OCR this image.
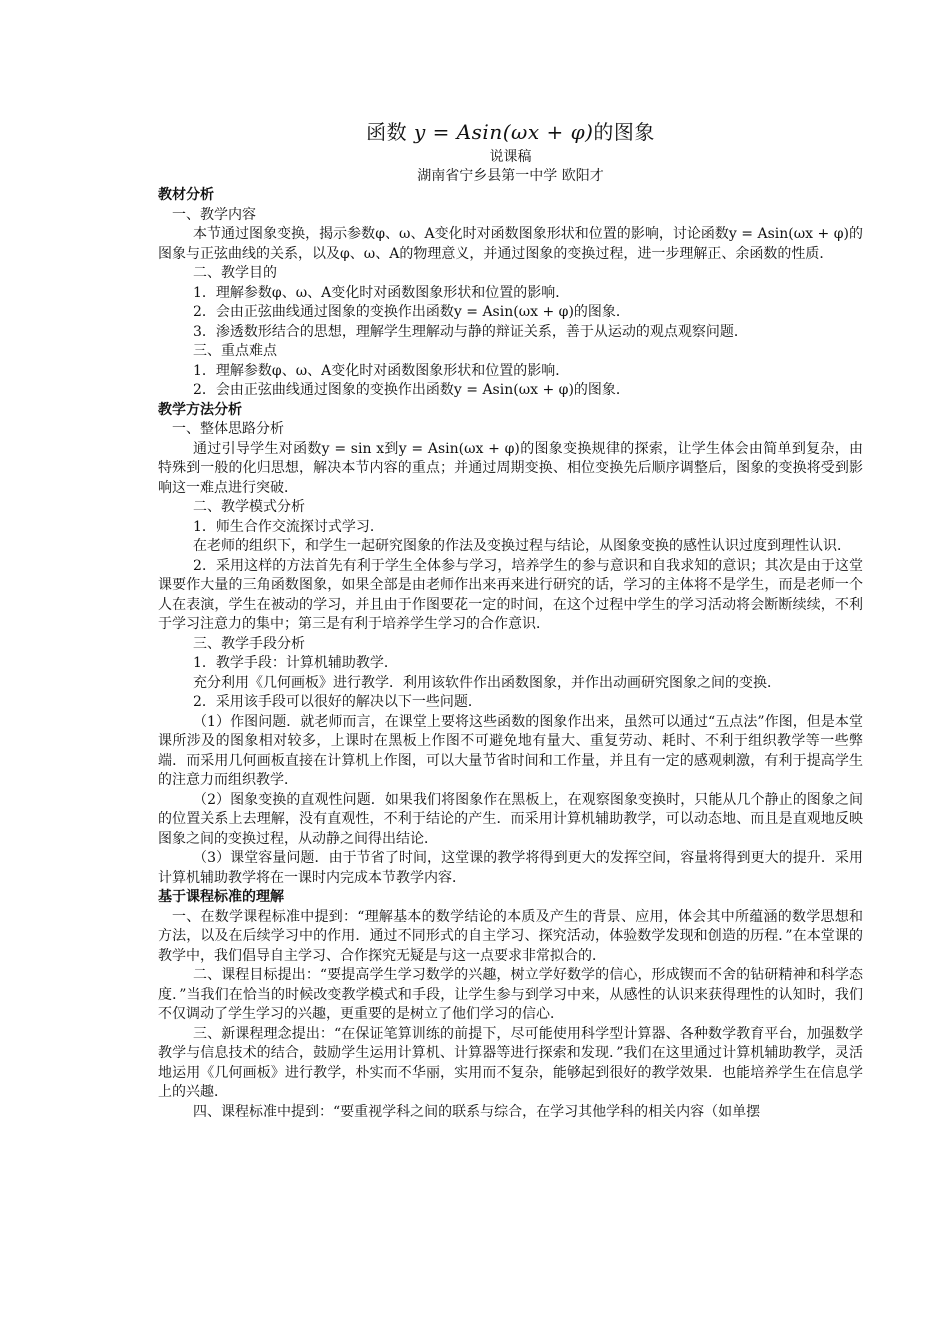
函数 y = Asin(ωx + φ)的图象
说课稿
湖南省宁乡县第一中学 欧阳才
教材分析
一、教学内容

本节通过图象变换，揭示参数φ、ω、A变化时对函数图象形状和位置的影响，讨论函数y = Asin(ωx + φ)的图象与正弦曲线的关系，以及φ、ω、A的物理意义，并通过图象的变换过程，进一步理解正、余函数的性质．

二、教学目的
1．理解参数φ、ω、A变化时对函数图象形状和位置的影响．
2．会由正弦曲线通过图象的变换作出函数y = Asin(ωx + φ)的图象．
3．渗透数形结合的思想，理解学生理解动与静的辩证关系，善于从运动的观点观察问题．
三、重点难点
1．理解参数φ、ω、A变化时对函数图象形状和位置的影响．
2．会由正弦曲线通过图象的变换作出函数y = Asin(ωx + φ)的图象．
教学方法分析
一、整体思路分析

通过引导学生对函数y = sin x到y = Asin(ωx + φ)的图象变换规律的探索，让学生体会由简单到复杂，由特殊到一般的化归思想，解决本节内容的重点；并通过周期变换、相位变换先后顺序调整后，图象的变换将受到影响这一难点进行突破．

二、教学模式分析
1．师生合作交流探讨式学习．

在老师的组织下，和学生一起研究图象的作法及变换过程与结论，从图象变换的感性认识过度到理性认识．

2．采用这样的方法首先有利于学生全体参与学习，培养学生的参与意识和自我求知的意识；其次是由于这堂课要作大量的三角函数图象，如果全部是由老师作出来再来进行研究的话，学习的主体将不是学生，而是老师一个人在表演，学生在被动的学习，并且由于作图要花一定的时间，在这个过程中学生的学习活动将会断断续续，不利于学习注意力的集中；第三是有利于培养学生学习的合作意识．

三、教学手段分析
1．教学手段：计算机辅助教学．

充分利用《几何画板》进行教学．利用该软件作出函数图象，并作出动画研究图象之间的变换．

2．采用该手段可以很好的解决以下一些问题．

（1）作图问题．就老师而言，在课堂上要将这些函数的图象作出来，虽然可以通过“五点法”作图，但是本堂课所涉及的图象相对较多，上课时在黑板上作图不可避免地有量大、重复劳动、耗时、不利于组织教学等一些弊端．而采用几何画板直接在计算机上作图，可以大量节省时间和工作量，并且有一定的感观刺激，有利于提高学生的注意力而组织教学．

（2）图象变换的直观性问题．如果我们将图象作在黑板上，在观察图象变换时，只能从几个静止的图象之间的位置关系上去理解，没有直观性，不利于结论的产生．而采用计算机辅助教学，可以动态地、而且是直观地反映图象之间的变换过程，从动静之间得出结论．

（3）课堂容量问题．由于节省了时间，这堂课的教学将得到更大的发挥空间，容量将得到更大的提升．采用计算机辅助教学将在一课时内完成本节教学内容．

基于课程标准的理解

一、在数学课程标准中提到：“理解基本的数学结论的本质及产生的背景、应用，体会其中所蕴涵的数学思想和方法，以及在后续学习中的作用．通过不同形式的自主学习、探究活动，体验数学发现和创造的历程．”在本堂课的教学中，我们倡导自主学习、合作探究无疑是与这一点要求非常拟合的．

二、课程目标提出：“要提高学生学习数学的兴趣，树立学好数学的信心，形成锲而不舍的钻研精神和科学态度．”当我们在恰当的时候改变教学模式和手段，让学生参与到学习中来，从感性的认识来获得理性的认知时，我们不仅调动了学生学习的兴趣，更重要的是树立了他们学习的信心．

三、新课程理念提出：“在保证笔算训练的前提下，尽可能使用科学型计算器、各种数学教育平台，加强数学教学与信息技术的结合，鼓励学生运用计算机、计算器等进行探索和发现．”我们在这里通过计算机辅助教学，灵活地运用《几何画板》进行教学，朴实而不华丽，实用而不复杂，能够起到很好的教学效果．也能培养学生在信息学上的兴趣．

四、课程标准中提到：“要重视学科之间的联系与综合，在学习其他学科的相关内容（如单摆
